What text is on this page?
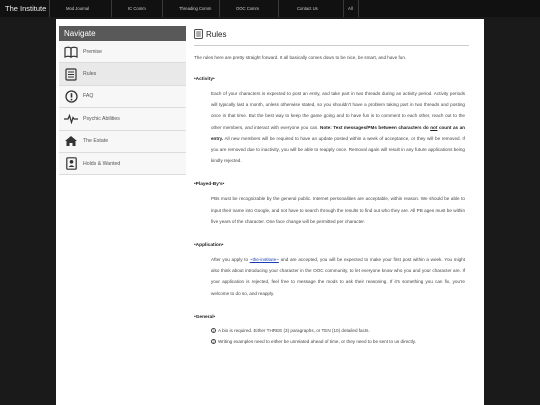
The Institute	Mod Journal	IC Comm	Threading Comm	OOC Comm	Contact Us	All
Navigate
Premise
Rules
FAQ
Psychic Abilities
The Estate
Holds & Wanted
Rules

The rules here are pretty straight forward. It all basically comes down to be nice, be smart, and have fun.

•Activity•

Each of your characters is expected to post an entry, and take part in two threads during an activity period. Activity periods will typically last a month, unless otherwise stated, so you shouldn't have a problem taking part in two threads and posting once in that time. But the best way to keep the game going and to have fun is to comment to each other, reach out to the other members, and interact with everyone you can. Note: Text messages/PMs between characters do not count as an entry. All new members will be required to have an update posted within a week of acceptance, or they will be removed. If you are removed due to inactivity, you will be able to reapply once. Removal again will result in any future applications being kindly rejected.

•Played-By's•

PBs must be recognizable by the general public. Internet personalities are acceptable, within reason. We should be able to input their name into Google, and not have to search through the results to find out who they are. All PB ages must be within five years of the character. One face change will be permitted per character.

•Application•

After you apply to ~the-institute~ and are accepted, you will be expected to make your first post within a week. You might also think about introducing your character in the OOC community, to let everyone know who you and your character are. If your application is rejected, feel free to message the mods to ask their reasoning. If it's something you can fix, you're welcome to do so, and reapply.

•General•
1 A bio is required. Either THREE (3) paragraphs, or TEN (10) detailed facts.
2 Writing examples need to either be unrelated ahead of time, or they need to be sent to us directly.
